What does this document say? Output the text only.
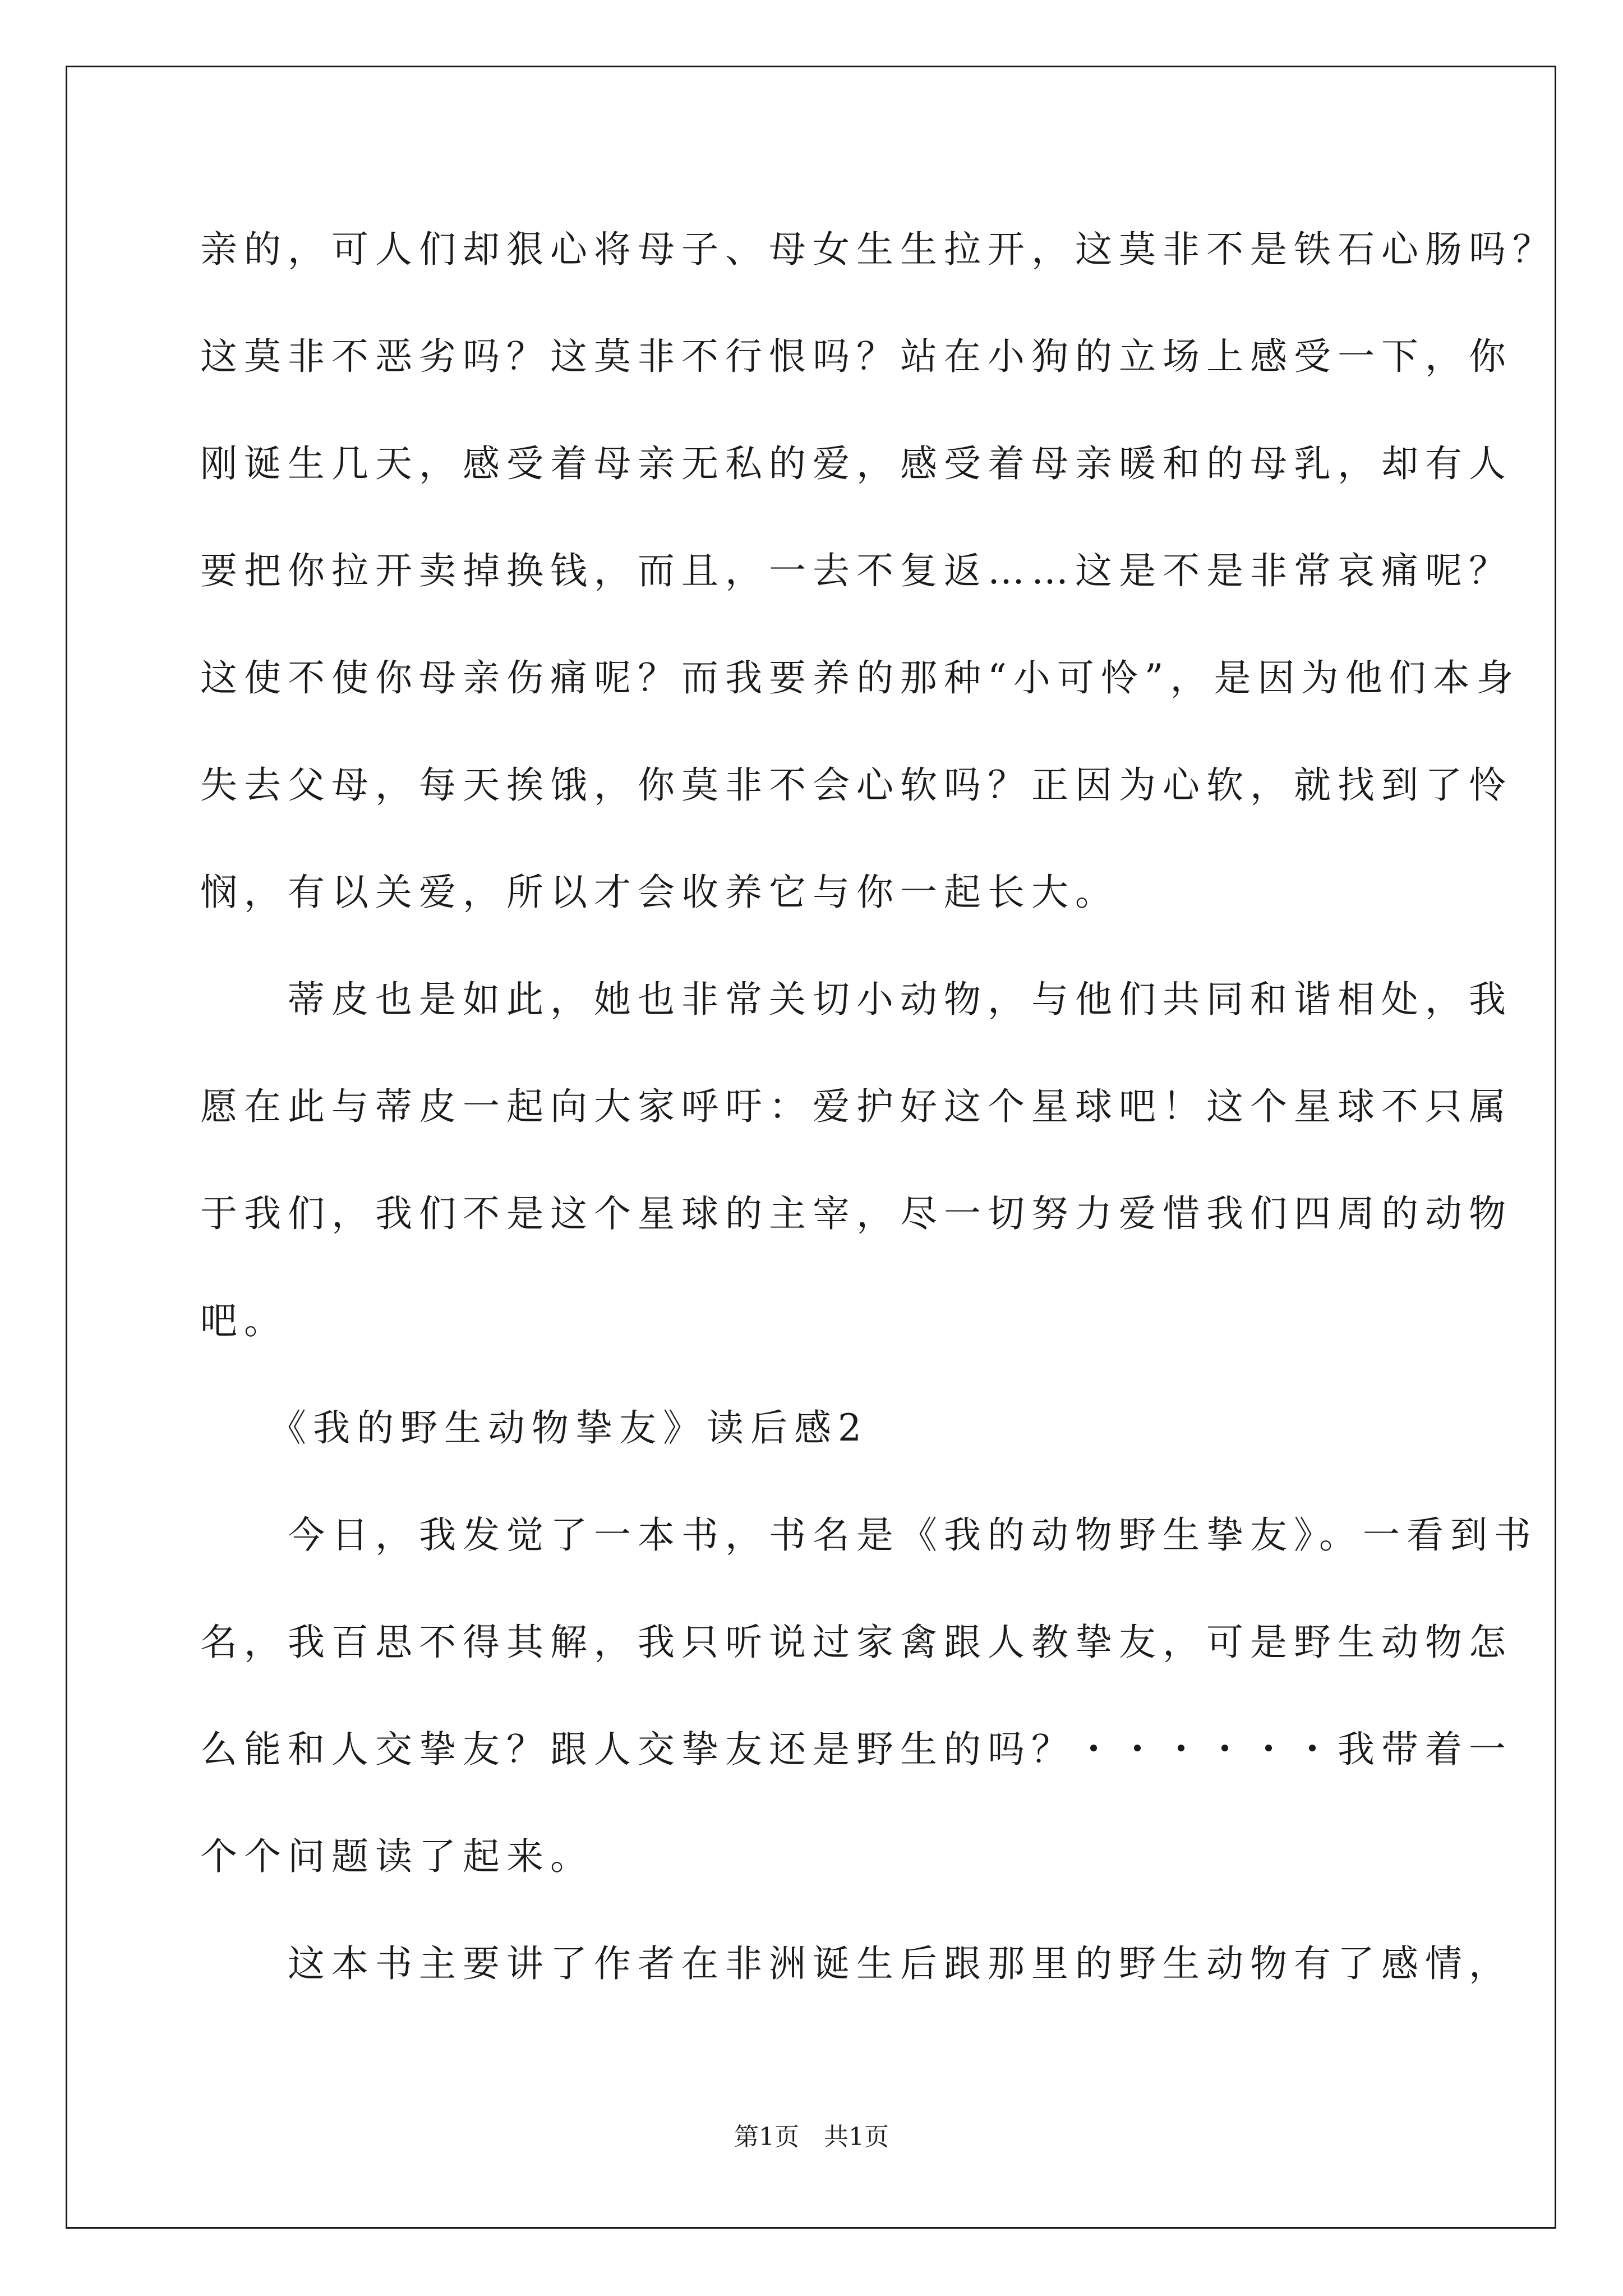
亲的，可人们却狠心将母子、母女生生拉开，这莫非不是铁石心肠吗？
这莫非不恶劣吗？这莫非不行恨吗？站在小狗的立场上感受一下，你
刚诞生几天，感受着母亲无私的爱，感受着母亲暖和的母乳，却有人
要把你拉开卖掉换钱，而且，一去不复返……这是不是非常哀痛呢？
这使不使你母亲伤痛呢？而我要养的那种“小可怜”，是因为他们本身
失去父母，每天挨饿，你莫非不会心软吗？正因为心软，就找到了怜
悯，有以关爱，所以才会收养它与你一起长大。
　　蒂皮也是如此，她也非常关切小动物，与他们共同和谐相处，我
愿在此与蒂皮一起向大家呼吁：爱护好这个星球吧！这个星球不只属
于我们，我们不是这个星球的主宰，尽一切努力爱惜我们四周的动物
吧。
　　《我的野生动物挚友》读后感2
　　今日，我发觉了一本书，书名是《我的动物野生挚友》。一看到书
名，我百思不得其解，我只听说过家禽跟人教挚友，可是野生动物怎
么能和人交挚友？跟人交挚友还是野生的吗？・・・・・・我带着一
个个问题读了起来。
　　这本书主要讲了作者在非洲诞生后跟那里的野生动物有了感情，
第1页　共1页
